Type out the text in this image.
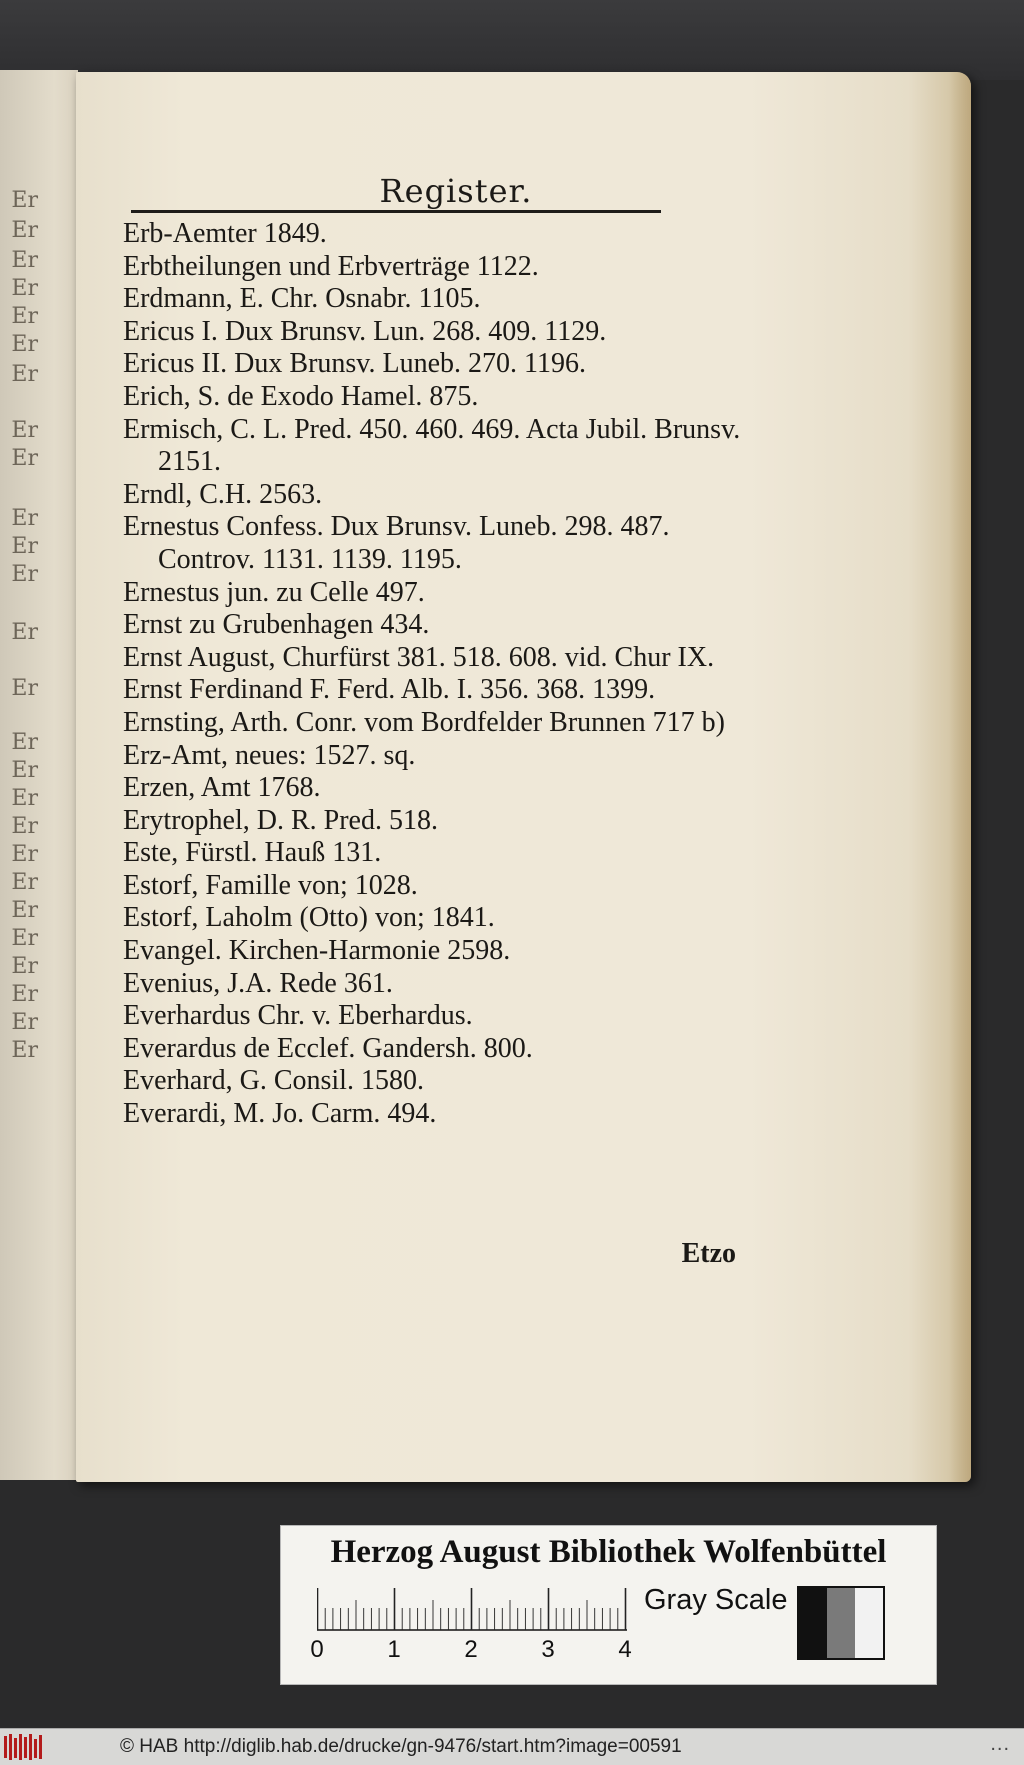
Er
Er
Er
Er
Er
Er
Er
Er
Er
Er
Er
Er
Er
Er
Er
Er
Er
Er
Er
Er
Er
Er
Er
Er
Er
Er
Register.
Erb-Aemter 1849.
Erbtheilungen und Erbverträge 1122.
Erdmann, E. Chr. Osnabr. 1105.
Ericus I. Dux Brunsv. Lun. 268. 409. 1129.
Ericus II. Dux Brunsv. Luneb. 270. 1196.
Erich, S. de Exodo Hamel. 875.
Ermisch, C. L. Pred. 450. 460. 469. Acta Jubil. Brunsv. 2151.
Erndl, C.H. 2563.
Ernestus Confess. Dux Brunsv. Luneb. 298. 487. Controv. 1131. 1139. 1195.
Ernestus jun. zu Celle 497.
Ernst zu Grubenhagen 434.
Ernst August, Churfürst 381. 518. 608. vid. Chur IX.
Ernst Ferdinand F. Ferd. Alb. I. 356. 368. 1399.
Ernsting, Arth. Conr. vom Bordfelder Brunnen 717 b)
Erz-Amt, neues: 1527. sq.
Erzen, Amt 1768.
Erytrophel, D. R. Pred. 518.
Este, Fürstl. Hauß 131.
Estorf, Famille von; 1028.
Estorf, Laholm (Otto) von; 1841.
Evangel. Kirchen-Harmonie 2598.
Evenius, J.A. Rede 361.
Everhardus Chr. v. Eberhardus.
Everardus de Ecclef. Gandersh. 800.
Everhard, G. Consil. 1580.
Everardi, M. Jo. Carm. 494.
Etzo
Herzog August Bibliothek Wolfenbüttel
0	1	2	3	4
Gray Scale
© HAB http://diglib.hab.de/drucke/gn-9476/start.htm?image=00591	...
